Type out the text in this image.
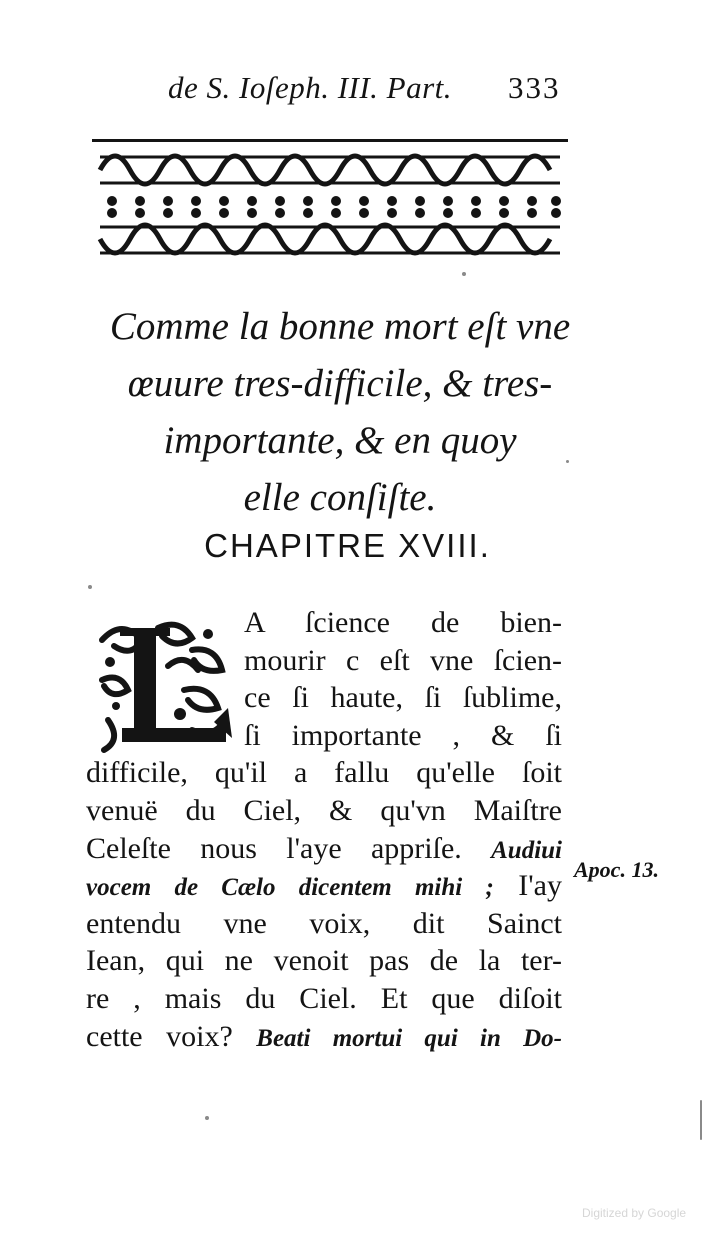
de S. Ioſeph. III. Part. 333
Comme la bonne mort eſt vne
œuure tres-difficile, & tres-
importante, & en quoy
elle conſiſte.
CHAPITRE XVIII.
A ſcience de bien-
mourir c eſt vne ſcien-
ce ſi haute, ſi ſublime,
ſi importante , & ſi
difficile, qu'il a fallu qu'elle ſoit
venuë du Ciel, & qu'vn Maiſtre
Celeſte nous l'aye appriſe. Audiui
vocem de Cælo dicentem mihi ; I'ay
entendu vne voix, dit Sainct
Iean, qui ne venoit pas de la ter-
re , mais du Ciel. Et que diſoit
cette voix? Beati mortui qui in Do-
Apoc. 13.
Digitized by Google
